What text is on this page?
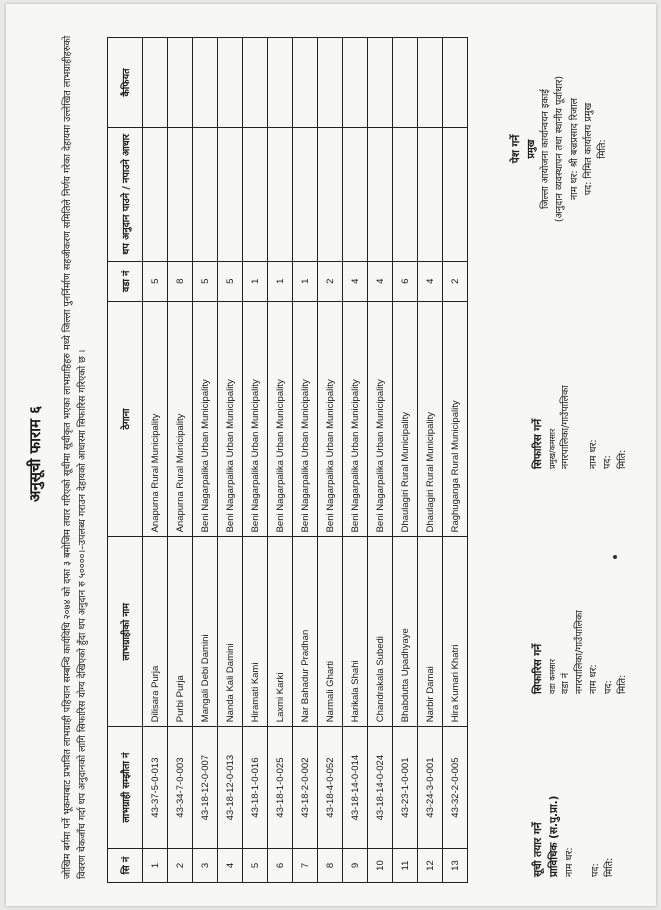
अनुसूची फाराम ६ जोखिम बर्गमा पर्ने भूकम्पबाट प्रभावित लाभग्राही पहिचान सम्बन्धि कार्यविधि २०७४ को दफा ३ बमोजिम तयार गरिएको सूचीमा सूचीकृत भएका लाभग्राहिहरु मध्ये जिल्ला पुनर्निर्माण सहजीकरण समितिले निर्णय गरेका देहायमा उल्लेखित लाभग्राहीहरुको विवरण चेकजाँच गर्दा थप अनुदानको लागि सिफारिस योग्य देखिएको हुँदा थप अनुदान रु ५००००।–उपलब्ध गराउन देहायको आधारमा सिफारिस गरिएको छ ।	सि नं	लाभग्राही सम्झौता नं	लाभग्राहीको नाम	ठेगाना	वडा नं	थप अनुदान पाउने / नपाउने आधार	कैफियत
1	43-37-5-0-013	Dilisara Purja	Anapurna Rural Municipality	5		
2	43-34-7-0-003	Purbi Purja	Anapurna Rural Municipality	8		
3	43-18-12-0-007	Mangali Debi Damini	Beni Nagarpalika Urban Municipality	5		
4	43-18-12-0-013	Nanda Kali Damini	Beni Nagarpalika Urban Municipality	5		
5	43-18-1-0-016	Hiramati Kami	Beni Nagarpalika Urban Municipality	1		
6	43-18-1-0-025	Laxmi Karki	Beni Nagarpalika Urban Municipality	1		
7	43-18-2-0-002	Nar Bahadur Pradhan	Beni Nagarpalika Urban Municipality	1		
8	43-18-4-0-052	Narmali Gharti	Beni Nagarpalika Urban Municipality	2		
9	43-18-14-0-014	Harikala Shahi	Beni Nagarpalika Urban Municipality	4		
10	43-18-14-0-024	Chandrakala Subedi	Beni Nagarpalika Urban Municipality	4		
11	43-23-1-0-001	Bhabdutta Upadhyaye	Dhaulagiri Rural Municipality	6		
12	43-24-3-0-001	Narbir Damai	Dhaulagiri Rural Municipality	4		
13	43-32-2-0-005	Hira Kumari Khatri	Raghuganga Rural Municipality	2		
सूची तयार गर्ने प्राविधिक (स.पु.प्रा.) नाम थर: पद: मिति:
सिफारिस गर्ने वडा कमसार वडा नं नगरपालिका/गाउँपालिका नाम थर: पद: मिति:
सिफारिस गर्ने प्रमुख/कमसार नगरपालिका/गाउँपालिका नाम थर: पद: मिति:
पेश गर्ने प्रमुख जिल्ला आयोजना कार्यान्वयन इकाई (अनुदान व्यवस्थापन तथा स्थानीय पूर्वाधार) नाम थर: श्री बज्रप्रसाद रिजाल पद: निमित कार्यालय प्रमुख मिति:
